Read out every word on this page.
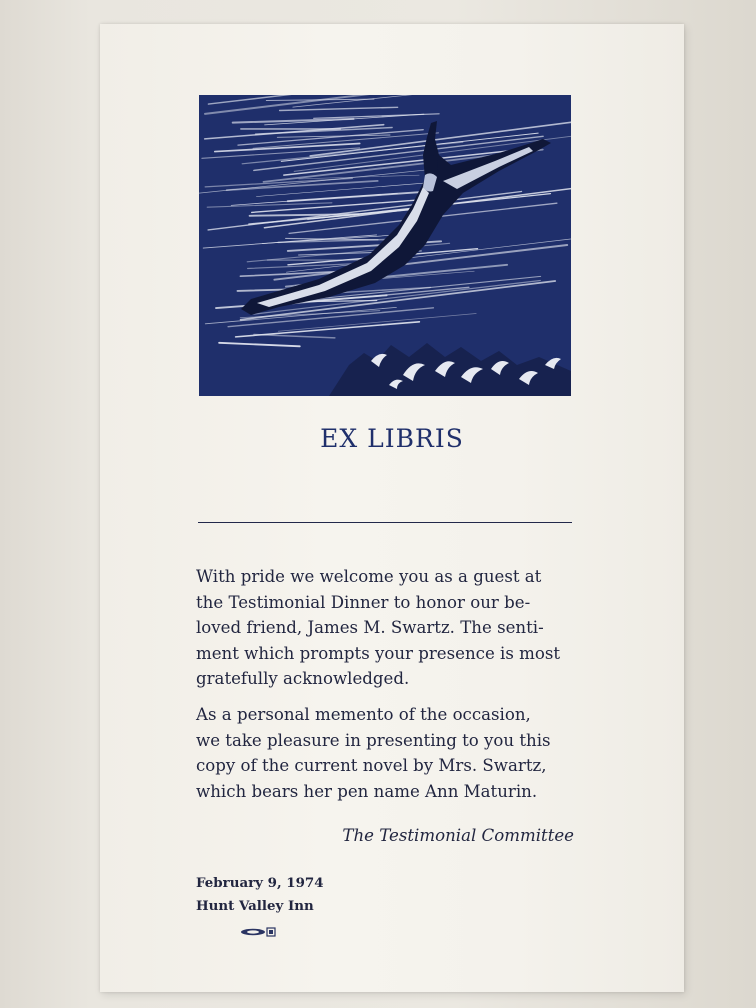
EX LIBRIS

With pride we welcome you as a guest at
the Testimonial Dinner to honor our be-
loved friend, James M. Swartz. The senti-
ment which prompts your presence is most
gratefully acknowledged.

As a personal memento of the occasion,
we take pleasure in presenting to you this
copy of the current novel by Mrs. Swartz,
which bears her pen name Ann Maturin.

The Testimonial Committee
February 9, 1974
Hunt Valley Inn
